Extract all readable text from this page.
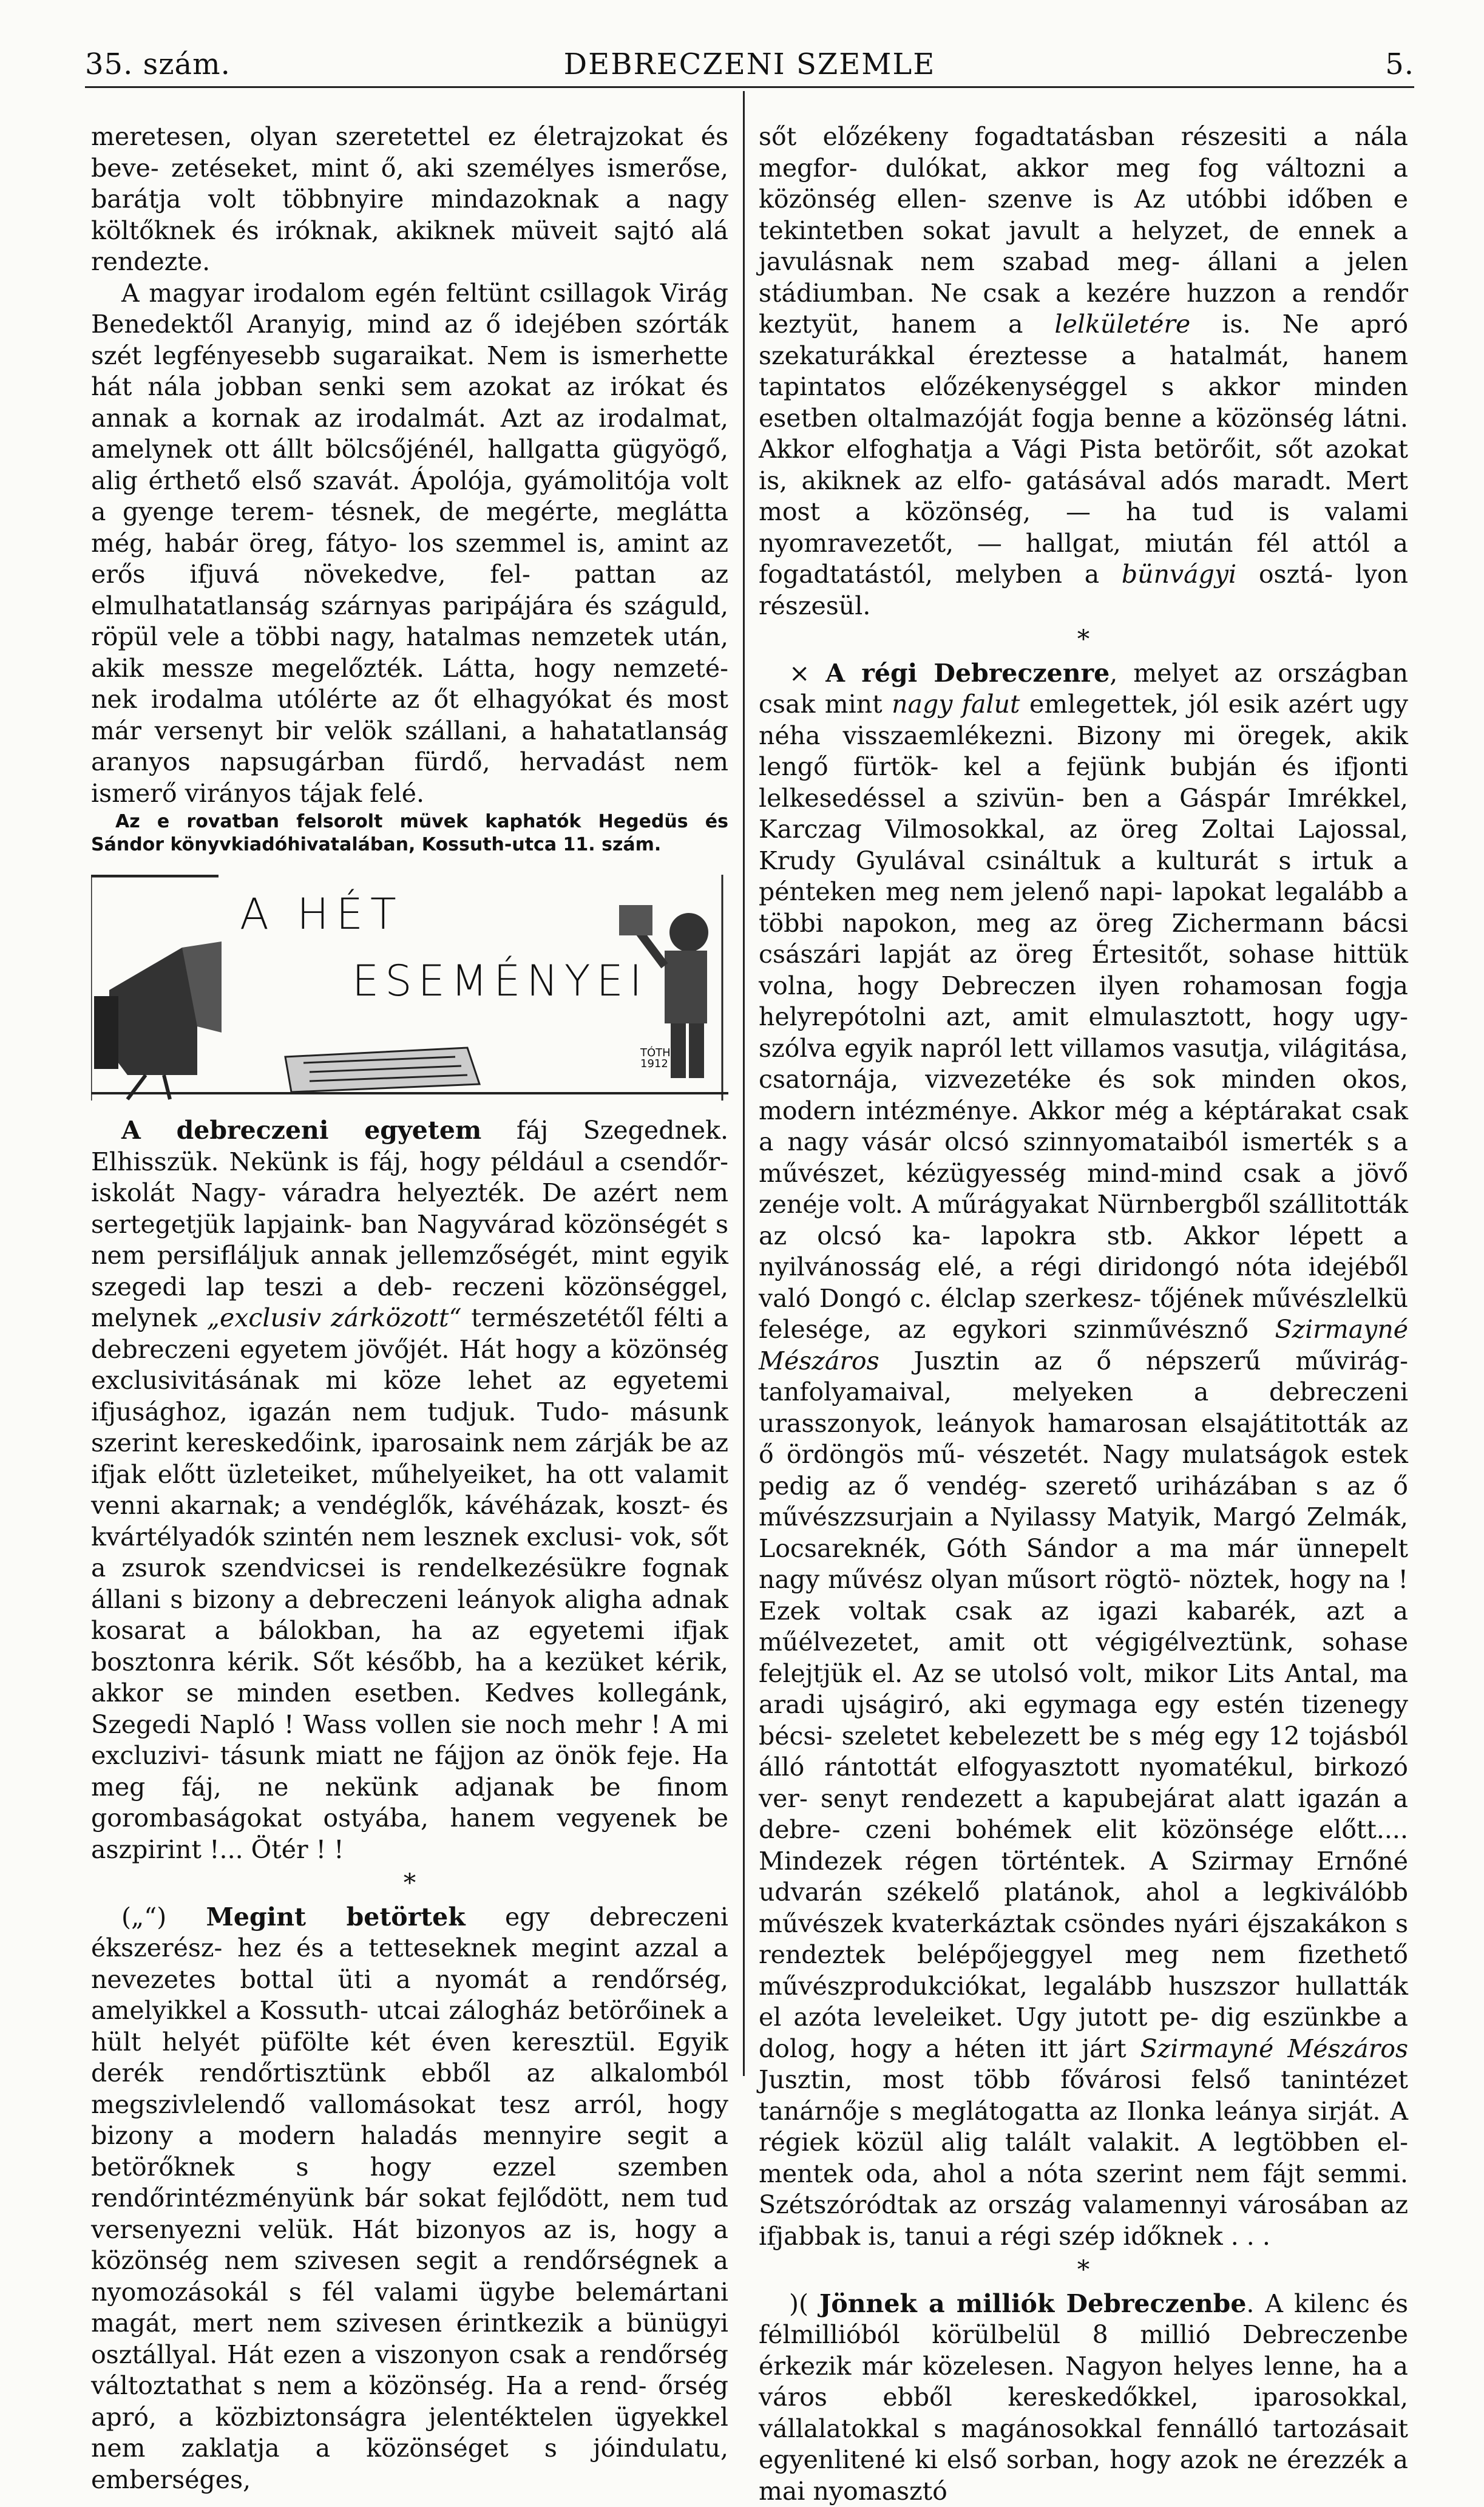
DEBRECZENI SZEMLE
35. szám.	5.

meretesen, olyan szeretettel ez életrajzokat és beve- zetéseket, mint ő, aki személyes ismerőse, barátja volt többnyire mindazoknak a nagy költőknek és iróknak, akiknek müveit sajtó alá rendezte.

A magyar irodalom egén feltünt csillagok Virág Benedektől Aranyig, mind az ő idejében szórták szét legfényesebb sugaraikat. Nem is ismerhette hát nála jobban senki sem azokat az irókat és annak a kornak az irodalmát. Azt az irodalmat, amelynek ott állt bölcsőjénél, hallgatta gügyögő, alig érthető első szavát. Ápolója, gyámolitója volt a gyenge terem- tésnek, de megérte, meglátta még, habár öreg, fátyo- los szemmel is, amint az erős ifjuvá növekedve, fel- pattan az elmulhatatlanság szárnyas paripájára és száguld, röpül vele a többi nagy, hatalmas nemzetek után, akik messze megelőzték. Látta, hogy nemzeté- nek irodalma utólérte az őt elhagyókat és most már versenyt bir velök szállani, a hahatatlanság aranyos napsugárban fürdő, hervadást nem ismerő virányos tájak felé.

Az e rovatban felsorolt müvek kaphatók Hegedüs és Sándor könyvkiadóhivatalában, Kossuth-utca 11. szám.

A HÉT
ESEMÉNYEI
TÓTH
1912

A debreczeni egyetem fáj Szegednek. Elhisszük. Nekünk is fáj, hogy például a csendőr-iskolát Nagy- váradra helyezték. De azért nem sertegetjük lapjaink- ban Nagyvárad közönségét s nem persifláljuk annak jellemzőségét, mint egyik szegedi lap teszi a deb- reczeni közönséggel, melynek „exclusiv zárközott“ természetétől félti a debreczeni egyetem jövőjét. Hát hogy a közönség exclusivitásának mi köze lehet az egyetemi ifjusághoz, igazán nem tudjuk. Tudo- másunk szerint kereskedőink, iparosaink nem zárják be az ifjak előtt üzleteiket, műhelyeiket, ha ott valamit venni akarnak; a vendéglők, kávéházak, koszt- és kvártélyadók szintén nem lesznek exclusi- vok, sőt a zsurok szendvicsei is rendelkezésükre fognak állani s bizony a debreczeni leányok aligha adnak kosarat a bálokban, ha az egyetemi ifjak bosztonra kérik. Sőt később, ha a kezüket kérik, akkor se minden esetben. Kedves kollegánk, Szegedi Napló ! Wass vollen sie noch mehr ! A mi excluzivi- tásunk miatt ne fájjon az önök feje. Ha meg fáj, ne nekünk adjanak be finom gorombaságokat ostyába, hanem vegyenek be aszpirint !... Ötér ! !

*

(„“) Megint betörtek egy debreczeni ékszerész- hez és a tetteseknek megint azzal a nevezetes bottal üti a nyomát a rendőrség, amelyikkel a Kossuth- utcai zálogház betörőinek a hült helyét püfölte két éven keresztül. Egyik derék rendőrtisztünk ebből az alkalomból megszivlelendő vallomásokat tesz arról, hogy bizony a modern haladás mennyire segit a betörőknek s hogy ezzel szemben rendőrintézményünk bár sokat fejlődött, nem tud versenyezni velük. Hát bizonyos az is, hogy a közönség nem szivesen segit a rendőrségnek a nyomozásokál s fél valami ügybe belemártani magát, mert nem szivesen érintkezik a bünügyi osztállyal. Hát ezen a viszonyon csak a rendőrség változtathat s nem a közönség. Ha a rend- őrség apró, a közbiztonságra jelentéktelen ügyekkel nem zaklatja a közönséget s jóindulatu, emberséges,

sőt előzékeny fogadtatásban részesiti a nála megfor- dulókat, akkor meg fog változni a közönség ellen- szenve is Az utóbbi időben e tekintetben sokat javult a helyzet, de ennek a javulásnak nem szabad meg- állani a jelen stádiumban. Ne csak a kezére huzzon a rendőr keztyüt, hanem a lelkületére is. Ne apró szekaturákkal éreztesse a hatalmát, hanem tapintatos előzékenységgel s akkor minden esetben oltalmazóját fogja benne a közönség látni. Akkor elfoghatja a Vági Pista betörőit, sőt azokat is, akiknek az elfo- gatásával adós maradt. Mert most a közönség, — ha tud is valami nyomravezetőt, — hallgat, miután fél attól a fogadtatástól, melyben a bünvágyi osztá- lyon részesül.

*

× A régi Debreczenre, melyet az országban csak mint nagy falut emlegettek, jól esik azért ugy néha visszaemlékezni. Bizony mi öregek, akik lengő fürtök- kel a fejünk bubján és ifjonti lelkesedéssel a szivün- ben a Gáspár Imrékkel, Karczag Vilmosokkal, az öreg Zoltai Lajossal, Krudy Gyulával csináltuk a kulturát s irtuk a pénteken meg nem jelenő napi- lapokat legalább a többi napokon, meg az öreg Zichermann bácsi császári lapját az öreg Értesitőt, sohase hittük volna, hogy Debreczen ilyen rohamosan fogja helyrepótolni azt, amit elmulasztott, hogy ugy- szólva egyik napról lett villamos vasutja, világitása, csatornája, vizvezetéke és sok minden okos, modern intézménye. Akkor még a képtárakat csak a nagy vásár olcsó szinnyomataiból ismerték s a művészet, kézügyesség mind-mind csak a jövő zenéje volt. A műrágyakat Nürnbergből szállitották az olcsó ka- lapokra stb. Akkor lépett a nyilvánosság elé, a régi diridongó nóta idejéből való Dongó c. élclap szerkesz- tőjének művészlelkü felesége, az egykori szinművésznő Szirmayné Mészáros Jusztin az ő népszerű művirág- tanfolyamaival, melyeken a debreczeni urasszonyok, leányok hamarosan elsajátitották az ő ördöngös mű- vészetét. Nagy mulatságok estek pedig az ő vendég- szerető uriházában s az ő művészzsurjain a Nyilassy Matyik, Margó Zelmák, Locsareknék, Góth Sándor a ma már ünnepelt nagy művész olyan műsort rögtö- nöztek, hogy na ! Ezek voltak csak az igazi kabarék, azt a műélvezetet, amit ott végigélveztünk, sohase felejtjük el. Az se utolsó volt, mikor Lits Antal, ma aradi ujságiró, aki egymaga egy estén tizenegy bécsi- szeletet kebelezett be s még egy 12 tojásból álló rántottát elfogyasztott nyomatékul, birkozó ver- senyt rendezett a kapubejárat alatt igazán a debre- czeni bohémek elit közönsége előtt.... Mindezek régen történtek. A Szirmay Ernőné udvarán székelő platánok, ahol a legkiválóbb művészek kvaterkáztak csöndes nyári éjszakákon s rendeztek belépőjeggyel meg nem fizethető művészprodukciókat, legalább huszszor hullatták el azóta leveleiket. Ugy jutott pe- dig eszünkbe a dolog, hogy a héten itt járt Szirmayné Mészáros Jusztin, most több fővárosi felső tanintézet tanárnője s meglátogatta az Ilonka leánya sirját. A régiek közül alig talált valakit. A legtöbben el- mentek oda, ahol a nóta szerint nem fájt semmi. Szétszóródtak az ország valamennyi városában az ifjabbak is, tanui a régi szép időknek . . .

*

)( Jönnek a milliók Debreczenbe. A kilenc és félmillióból körülbelül 8 millió Debreczenbe érkezik már közelesen. Nagyon helyes lenne, ha a város ebből kereskedőkkel, iparosokkal, vállalatokkal s magánosokkal fennálló tartozásait egyenlitené ki első sorban, hogy azok ne érezzék a mai nyomasztó
